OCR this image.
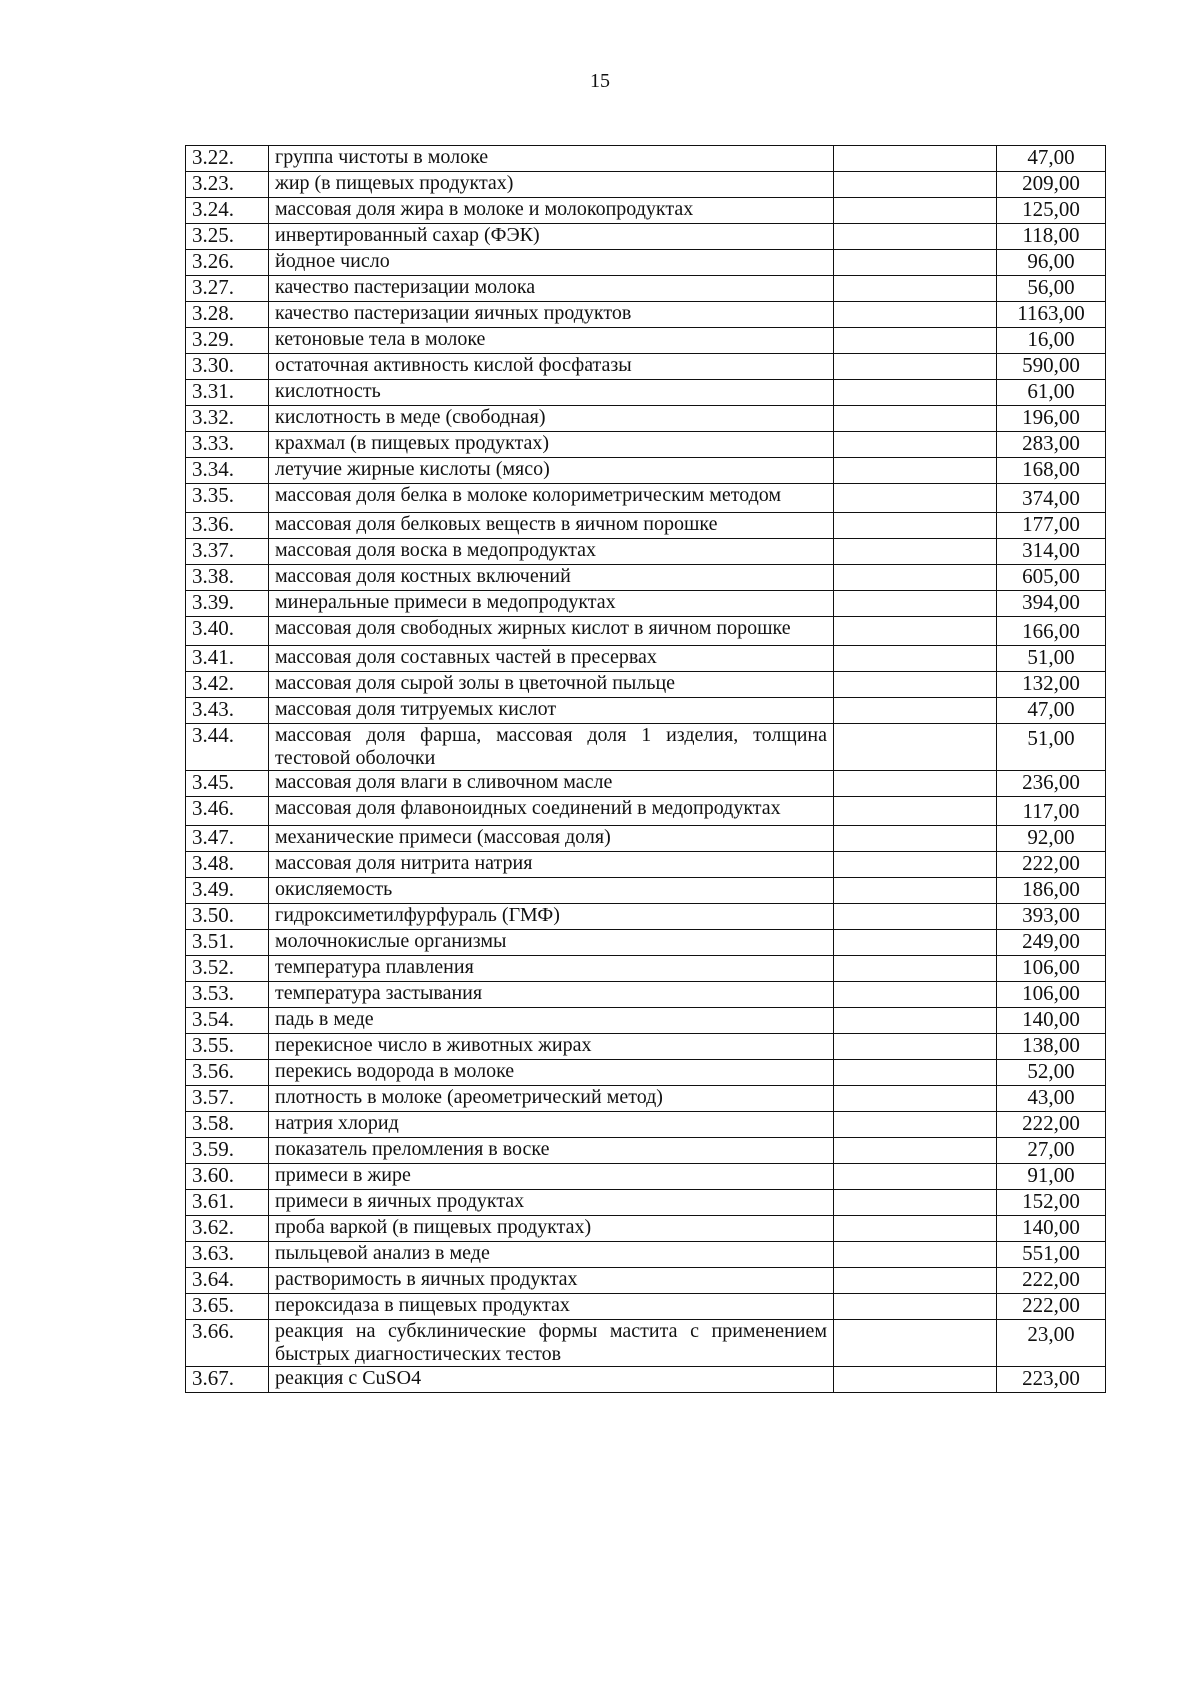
15
3.22.	группа чистоты в молоке		47,00
3.23.	жир (в пищевых продуктах)		209,00
3.24.	массовая доля жира в молоке и молокопродуктах		125,00
3.25.	инвертированный сахар (ФЭК)		118,00
3.26.	йодное число		96,00
3.27.	качество пастеризации молока		56,00
3.28.	качество пастеризации яичных продуктов		1163,00
3.29.	кетоновые тела в молоке		16,00
3.30.	остаточная активность кислой фосфатазы		590,00
3.31.	кислотность		61,00
3.32.	кислотность в меде (свободная)		196,00
3.33.	крахмал (в пищевых продуктах)		283,00
3.34.	летучие жирные кислоты (мясо)		168,00
3.35.	массовая доля белка в молоке колориметрическим методом		374,00
3.36.	массовая доля белковых веществ в яичном порошке		177,00
3.37.	массовая доля воска в медопродуктах		314,00
3.38.	массовая доля костных включений		605,00
3.39.	минеральные примеси в медопродуктах		394,00
3.40.	массовая доля свободных жирных кислот в яичном порошке		166,00
3.41.	массовая доля составных частей в пресервах		51,00
3.42.	массовая доля сырой золы в цветочной пыльце		132,00
3.43.	массовая доля титруемых кислот		47,00
3.44.	массовая доля фарша, массовая доля 1 изделия, толщина тестовой оболочки		51,00
3.45.	массовая доля влаги в сливочном масле		236,00
3.46.	массовая доля флавоноидных соединений в медопродуктах		117,00
3.47.	механические примеси (массовая доля)		92,00
3.48.	массовая доля нитрита натрия		222,00
3.49.	окисляемость		186,00
3.50.	гидроксиметилфурфураль (ГМФ)		393,00
3.51.	молочнокислые организмы		249,00
3.52.	температура плавления		106,00
3.53.	температура застывания		106,00
3.54.	падь в меде		140,00
3.55.	перекисное число в животных жирах		138,00
3.56.	перекись водорода в молоке		52,00
3.57.	плотность в молоке (ареометрический метод)		43,00
3.58.	натрия хлорид		222,00
3.59.	показатель преломления в воске		27,00
3.60.	примеси в жире		91,00
3.61.	примеси в яичных продуктах		152,00
3.62.	проба варкой (в пищевых продуктах)		140,00
3.63.	пыльцевой анализ в меде		551,00
3.64.	растворимость в яичных продуктах		222,00
3.65.	пероксидаза в пищевых продуктах		222,00
3.66.	реакция на субклинические формы мастита с применением быстрых диагностических тестов		23,00
3.67.	реакция с CuSO4		223,00
